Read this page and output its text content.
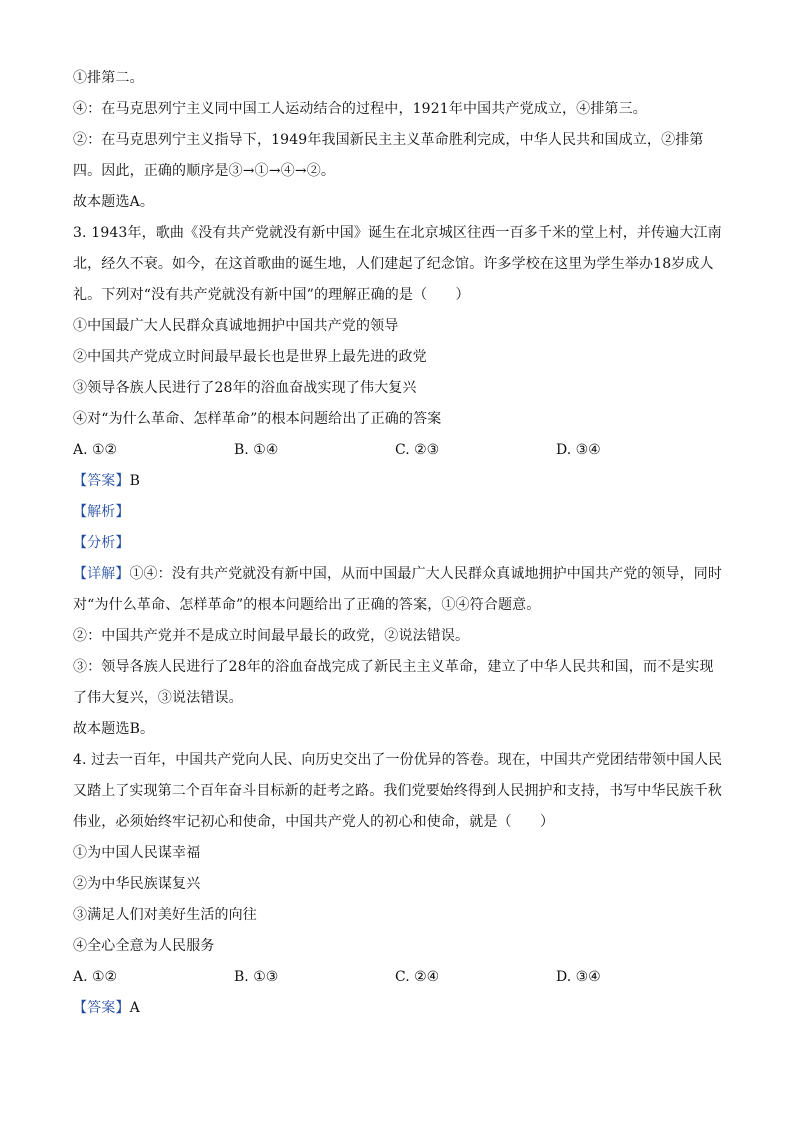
①排第二。
④：在马克思列宁主义同中国工人运动结合的过程中，1921年中国共产党成立，④排第三。
②：在马克思列宁主义指导下，1949年我国新民主主义革命胜利完成，中华人民共和国成立，②排第
四。因此，正确的顺序是③→①→④→②。
故本题选A。
3. 1943年，歌曲《没有共产党就没有新中国》诞生在北京城区往西一百多千米的堂上村，并传遍大江南
北，经久不衰。如今，在这首歌曲的诞生地，人们建起了纪念馆。许多学校在这里为学生举办18岁成人
礼。下列对“没有共产党就没有新中国”的理解正确的是（　　）
①中国最广大人民群众真诚地拥护中国共产党的领导
②中国共产党成立时间最早最长也是世界上最先进的政党
③领导各族人民进行了28年的浴血奋战实现了伟大复兴
④对“为什么革命、怎样革命”的根本问题给出了正确的答案
A. ①②	B. ①④	C. ②③	D. ③④
【答案】B
【解析】
【分析】
【详解】①④：没有共产党就没有新中国，从而中国最广大人民群众真诚地拥护中国共产党的领导，同时
对“为什么革命、怎样革命”的根本问题给出了正确的答案，①④符合题意。
②：中国共产党并不是成立时间最早最长的政党，②说法错误。
③：领导各族人民进行了28年的浴血奋战完成了新民主主义革命，建立了中华人民共和国，而不是实现
了伟大复兴，③说法错误。
故本题选B。
4. 过去一百年，中国共产党向人民、向历史交出了一份优异的答卷。现在，中国共产党团结带领中国人民
又踏上了实现第二个百年奋斗目标新的赶考之路。我们党要始终得到人民拥护和支持，书写中华民族千秋
伟业，必须始终牢记初心和使命，中国共产党人的初心和使命，就是（　　）
①为中国人民谋幸福
②为中华民族谋复兴
③满足人们对美好生活的向往
④全心全意为人民服务
A. ①②	B. ①③	C. ②④	D. ③④
【答案】A
